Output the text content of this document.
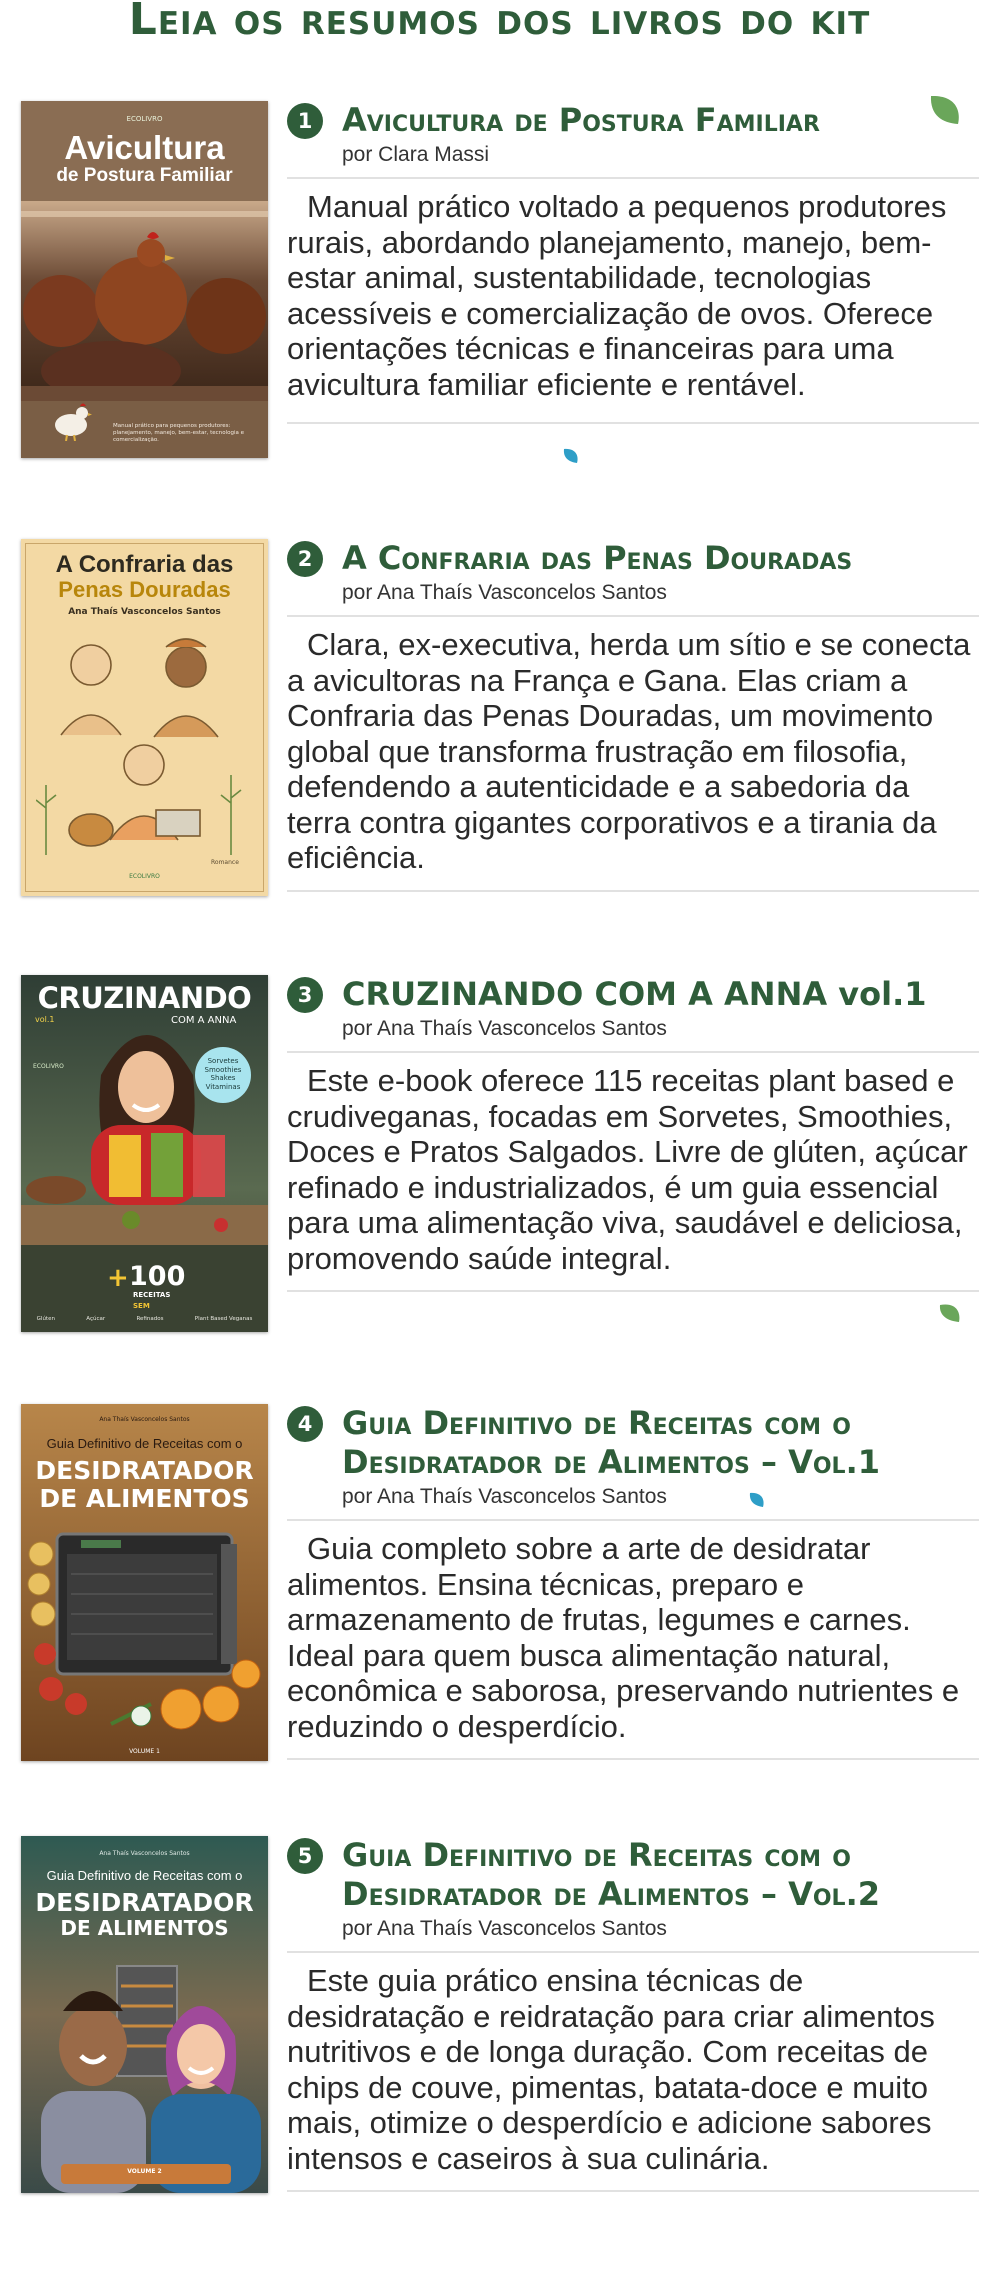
Leia os resumos dos livros do kit
ECOLIVRO
Avicultura
de Postura Familiar
Manual prático para pequenos produtores: planejamento, manejo, bem-estar, tecnologia e comercialização.
1 Avicultura de Postura Familiar
por Clara Massi

Manual prático voltado a pequenos produtores rurais, abordando planejamento, manejo, bem-estar animal, sustentabilidade, tecnologias acessíveis e comercialização de ovos. Oferece orientações técnicas e financeiras para uma avicultura familiar eficiente e rentável.

A Confraria das
Penas Douradas
Ana Thaís Vasconcelos Santos
ECOLIVRO
Romance
2 A Confraria das Penas Douradas
por Ana Thaís Vasconcelos Santos

Clara, ex-executiva, herda um sítio e se conecta a avicultoras na França e Gana. Elas criam a Confraria das Penas Douradas, um movimento global que transforma frustração em filosofia, defendendo a autenticidade e a sabedoria da terra contra gigantes corporativos e a tirania da eficiência.

CRUZINANDO
vol.1	COM A ANNA
ECOLIVRO
Sorvetes
Smoothies
Shakes
Vitaminas
+ 100
RECEITAS
SEM
Glúten	Açúcar	Refinados	Plant Based Veganas
3 CRUZINANDO COM A ANNA vol.1
por Ana Thaís Vasconcelos Santos

Este e-book oferece 115 receitas plant based e crudiveganas, focadas em Sorvetes, Smoothies, Doces e Pratos Salgados. Livre de glúten, açúcar refinado e industrializados, é um guia essencial para uma alimentação viva, saudável e deliciosa, promovendo saúde integral.

Ana Thaís Vasconcelos Santos
Guia Definitivo de Receitas com o
DESIDRATADOR
DE ALIMENTOS
VOLUME 1
4 Guia Definitivo de Receitas com o Desidratador de Alimentos – Vol.1
por Ana Thaís Vasconcelos Santos

Guia completo sobre a arte de desidratar alimentos. Ensina técnicas, preparo e armazenamento de frutas, legumes e carnes. Ideal para quem busca alimentação natural, econômica e saborosa, preservando nutrientes e reduzindo o desperdício.

Ana Thaís Vasconcelos Santos
Guia Definitivo de Receitas com o
DESIDRATADOR
DE ALIMENTOS
VOLUME 2
5 Guia Definitivo de Receitas com o Desidratador de Alimentos – Vol.2
por Ana Thaís Vasconcelos Santos

Este guia prático ensina técnicas de desidratação e reidratação para criar alimentos nutritivos e de longa duração. Com receitas de chips de couve, pimentas, batata-doce e muito mais, otimize o desperdício e adicione sabores intensos e caseiros à sua culinária.
